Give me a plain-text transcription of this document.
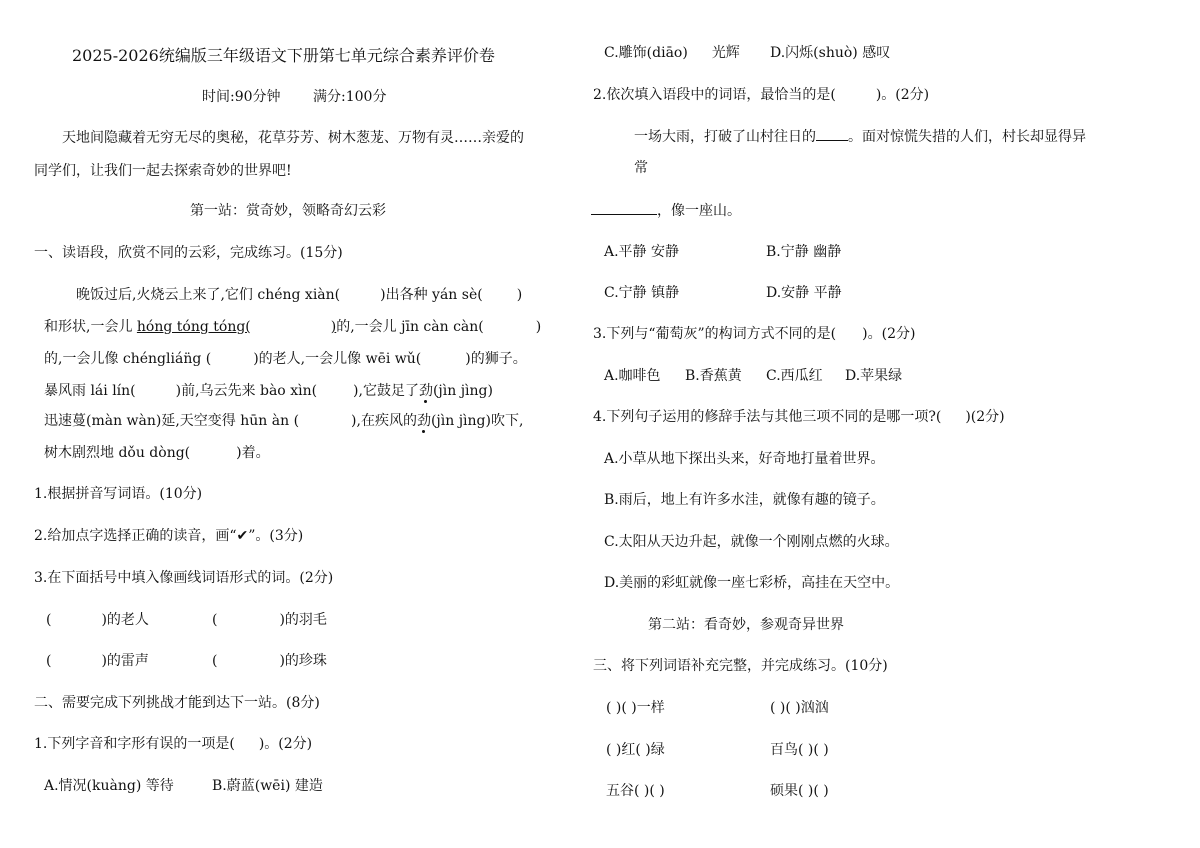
2025-2026统编版三年级语文下册第七单元综合素养评价卷
时间:90分钟 满分:100分
天地间隐藏着无穷无尽的奥秘，花草芬芳、树木葱茏、万物有灵……亲爱的
同学们，让我们一起去探索奇妙的世界吧!
第一站：赏奇妙，领略奇幻云彩
一、读语段，欣赏不同的云彩，完成练习。(15分)
晚饭过后,火烧云上来了,它们 chéng xiàn(	)出各种 yán sè( )
和形状,一会儿 hóng tóng tóng(	)的,一会儿 jīn càn càn(	)
的,一会儿像 chénglián̈g (	)的老人,一会儿像 wēi wǔ(	)的狮子。
暴风雨 lái lín(	)前,乌云先来 bào xìn(	),它鼓足了劲(jìn jìng)
迅速蔓(màn wàn)延,天空变得 hūn àn (	),在疾风的劲(jìn jìng)吹下,
树木剧烈地 dǒu dòng(	)着。
1.根据拼音写词语。(10分)
2.给加点字选择正确的读音，画“✔”。(3分)
3.在下面括号中填入像画线词语形式的词。(2分)
(	)的老人	(	)的羽毛
(	)的雷声	(	)的珍珠
二、需要完成下列挑战才能到达下一站。(8分)
1.下列字音和字形有误的一项是( )。(2分)
A.情况(kuàng) 等待	B.蔚蓝(wēi) 建造
C.雕饰(diāo) 光辉 D.闪烁(shuò) 感叹
2.依次填入语段中的词语，最恰当的是(	)。(2分)
一场大雨，打破了山村往日的 。面对惊慌失措的人们，村长却显得异
常
，像一座山。
A.平静 安静	B.宁静 幽静
C.宁静 镇静	D.安静 平静
3.下列与“葡萄灰”的构词方式不同的是( )。(2分)
A.咖啡色 B.香蕉黄 C.西瓜红 D.苹果绿
4.下列句子运用的修辞手法与其他三项不同的是哪一项?( )(2分)
A.小草从地下探出头来，好奇地打量着世界。
B.雨后，地上有许多水洼，就像有趣的镜子。
C.太阳从天边升起，就像一个刚刚点燃的火球。
D.美丽的彩虹就像一座七彩桥，高挂在天空中。
第二站：看奇妙，参观奇异世界
三、将下列词语补充完整，并完成练习。(10分)
( )( )一样	( )( )汹汹
( )红( )绿	百鸟( )( )
五谷( )( )	硕果( )( )
